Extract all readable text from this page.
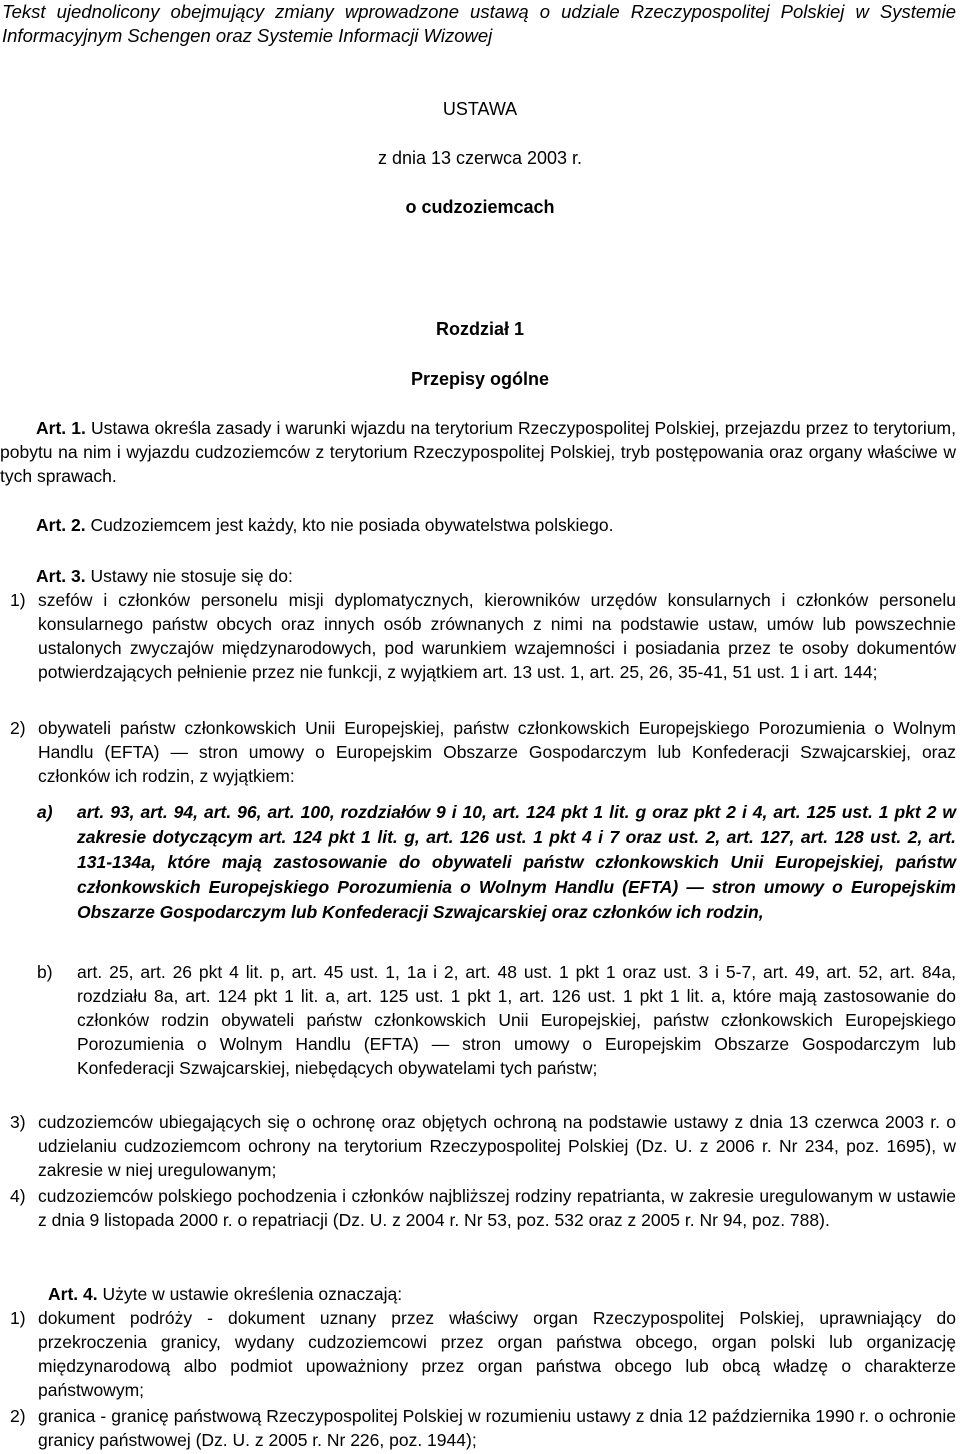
Tekst ujednolicony obejmujący zmiany wprowadzone ustawą o udziale Rzeczypospolitej Polskiej w Systemie Informacyjnym Schengen oraz Systemie Informacji Wizowej
USTAWA
z dnia 13 czerwca 2003 r.
o cudzoziemcach
Rozdział 1
Przepisy ogólne
Art. 1. Ustawa określa zasady i warunki wjazdu na terytorium Rzeczypospolitej Polskiej, przejazdu przez to terytorium, pobytu na nim i wyjazdu cudzoziemców z terytorium Rzeczypospolitej Polskiej, tryb postępowania oraz organy właściwe w tych sprawach.
Art. 2. Cudzoziemcem jest każdy, kto nie posiada obywatelstwa polskiego.
Art. 3. Ustawy nie stosuje się do:
1) szefów i członków personelu misji dyplomatycznych, kierowników urzędów konsularnych i członków personelu konsularnego państw obcych oraz innych osób zrównanych z nimi na podstawie ustaw, umów lub powszechnie ustalonych zwyczajów międzynarodowych, pod warunkiem wzajemności i posiadania przez te osoby dokumentów potwierdzających pełnienie przez nie funkcji, z wyjątkiem art. 13 ust. 1, art. 25, 26, 35-41, 51 ust. 1 i art. 144;
2) obywateli państw członkowskich Unii Europejskiej, państw członkowskich Europejskiego Porozumienia o Wolnym Handlu (EFTA) — stron umowy o Europejskim Obszarze Gospodarczym lub Konfederacji Szwajcarskiej, oraz członków ich rodzin, z wyjątkiem:
a)	art. 93, art. 94, art. 96, art. 100, rozdziałów 9 i 10, art. 124 pkt 1 lit. g oraz pkt 2 i 4, art. 125 ust. 1 pkt 2 w zakresie dotyczącym art. 124 pkt 1 lit. g, art. 126 ust. 1 pkt 4 i 7 oraz ust. 2, art. 127, art. 128 ust. 2, art. 131-134a, które mają zastosowanie do obywateli państw członkowskich Unii Europejskiej, państw członkowskich Europejskiego Porozumienia o Wolnym Handlu (EFTA) — stron umowy o Europejskim Obszarze Gospodarczym lub Konfederacji Szwajcarskiej oraz członków ich rodzin,
b)	art. 25, art. 26 pkt 4 lit. p, art. 45 ust. 1, 1a i 2, art. 48 ust. 1 pkt 1 oraz ust. 3 i 5-7, art. 49, art. 52, art. 84a, rozdziału 8a, art. 124 pkt 1 lit. a, art. 125 ust. 1 pkt 1, art. 126 ust. 1 pkt 1 lit. a, które mają zastosowanie do członków rodzin obywateli państw członkowskich Unii Europejskiej, państw członkowskich Europejskiego Porozumienia o Wolnym Handlu (EFTA) — stron umowy o Europejskim Obszarze Gospodarczym lub Konfederacji Szwajcarskiej, niebędących obywatelami tych państw;
3) cudzoziemców ubiegających się o ochronę oraz objętych ochroną na podstawie ustawy z dnia 13 czerwca 2003 r. o udzielaniu cudzoziemcom ochrony na terytorium Rzeczypospolitej Polskiej (Dz. U. z 2006 r. Nr 234, poz. 1695), w zakresie w niej uregulowanym;
4) cudzoziemców polskiego pochodzenia i członków najbliższej rodziny repatrianta, w zakresie uregulowanym w ustawie z dnia 9 listopada 2000 r. o repatriacji (Dz. U. z 2004 r. Nr 53, poz. 532 oraz z 2005 r. Nr 94, poz. 788).
Art. 4. Użyte w ustawie określenia oznaczają:
1) dokument podróży - dokument uznany przez właściwy organ Rzeczypospolitej Polskiej, uprawniający do przekroczenia granicy, wydany cudzoziemcowi przez organ państwa obcego, organ polski lub organizację międzynarodową albo podmiot upoważniony przez organ państwa obcego lub obcą władzę o charakterze państwowym;
2) granica - granicę państwową Rzeczypospolitej Polskiej w rozumieniu ustawy z dnia 12 października 1990 r. o ochronie granicy państwowej (Dz. U. z 2005 r. Nr 226, poz. 1944);
